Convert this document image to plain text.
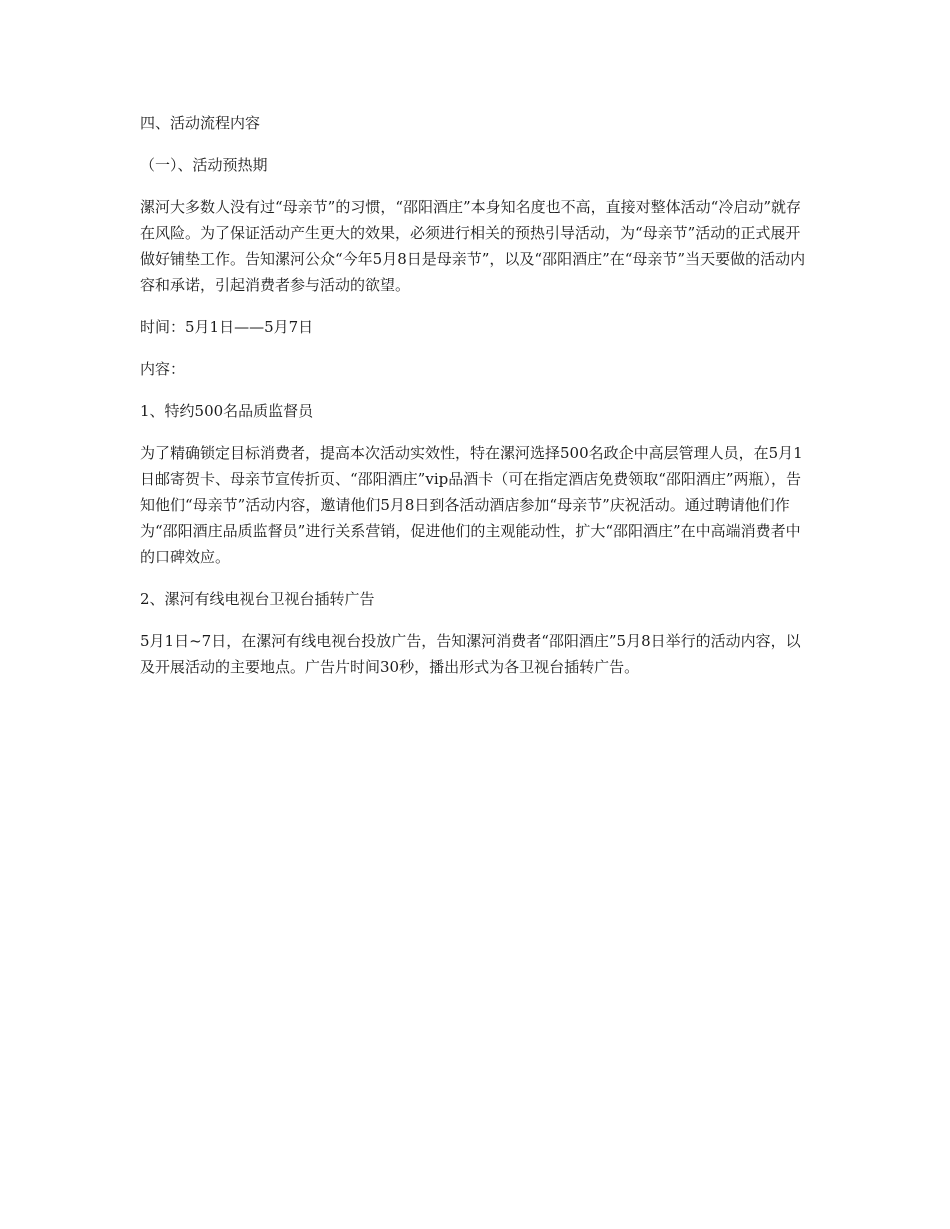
四、活动流程内容

（一）、活动预热期

漯河大多数人没有过“母亲节”的习惯，“邵阳酒庄”本身知名度也不高，直接对整体活动“冷启动”就存在风险。为了保证活动产生更大的效果，必须进行相关的预热引导活动，为“母亲节”活动的正式展开做好铺垫工作。告知漯河公众“今年5月8日是母亲节”，以及“邵阳酒庄”在“母亲节”当天要做的活动内容和承诺，引起消费者参与活动的欲望。

时间：5月1日——5月7日

内容：

1、特约500名品质监督员

为了精确锁定目标消费者，提高本次活动实效性，特在漯河选择500名政企中高层管理人员，在5月1日邮寄贺卡、母亲节宣传折页、“邵阳酒庄”vip品酒卡（可在指定酒店免费领取“邵阳酒庄”两瓶），告知他们“母亲节”活动内容，邀请他们5月8日到各活动酒店参加“母亲节”庆祝活动。通过聘请他们作为“邵阳酒庄品质监督员”进行关系营销，促进他们的主观能动性，扩大“邵阳酒庄”在中高端消费者中的口碑效应。

2、漯河有线电视台卫视台插转广告

5月1日~7日，在漯河有线电视台投放广告，告知漯河消费者“邵阳酒庄”5月8日举行的活动内容，以及开展活动的主要地点。广告片时间30秒，播出形式为各卫视台插转广告。
